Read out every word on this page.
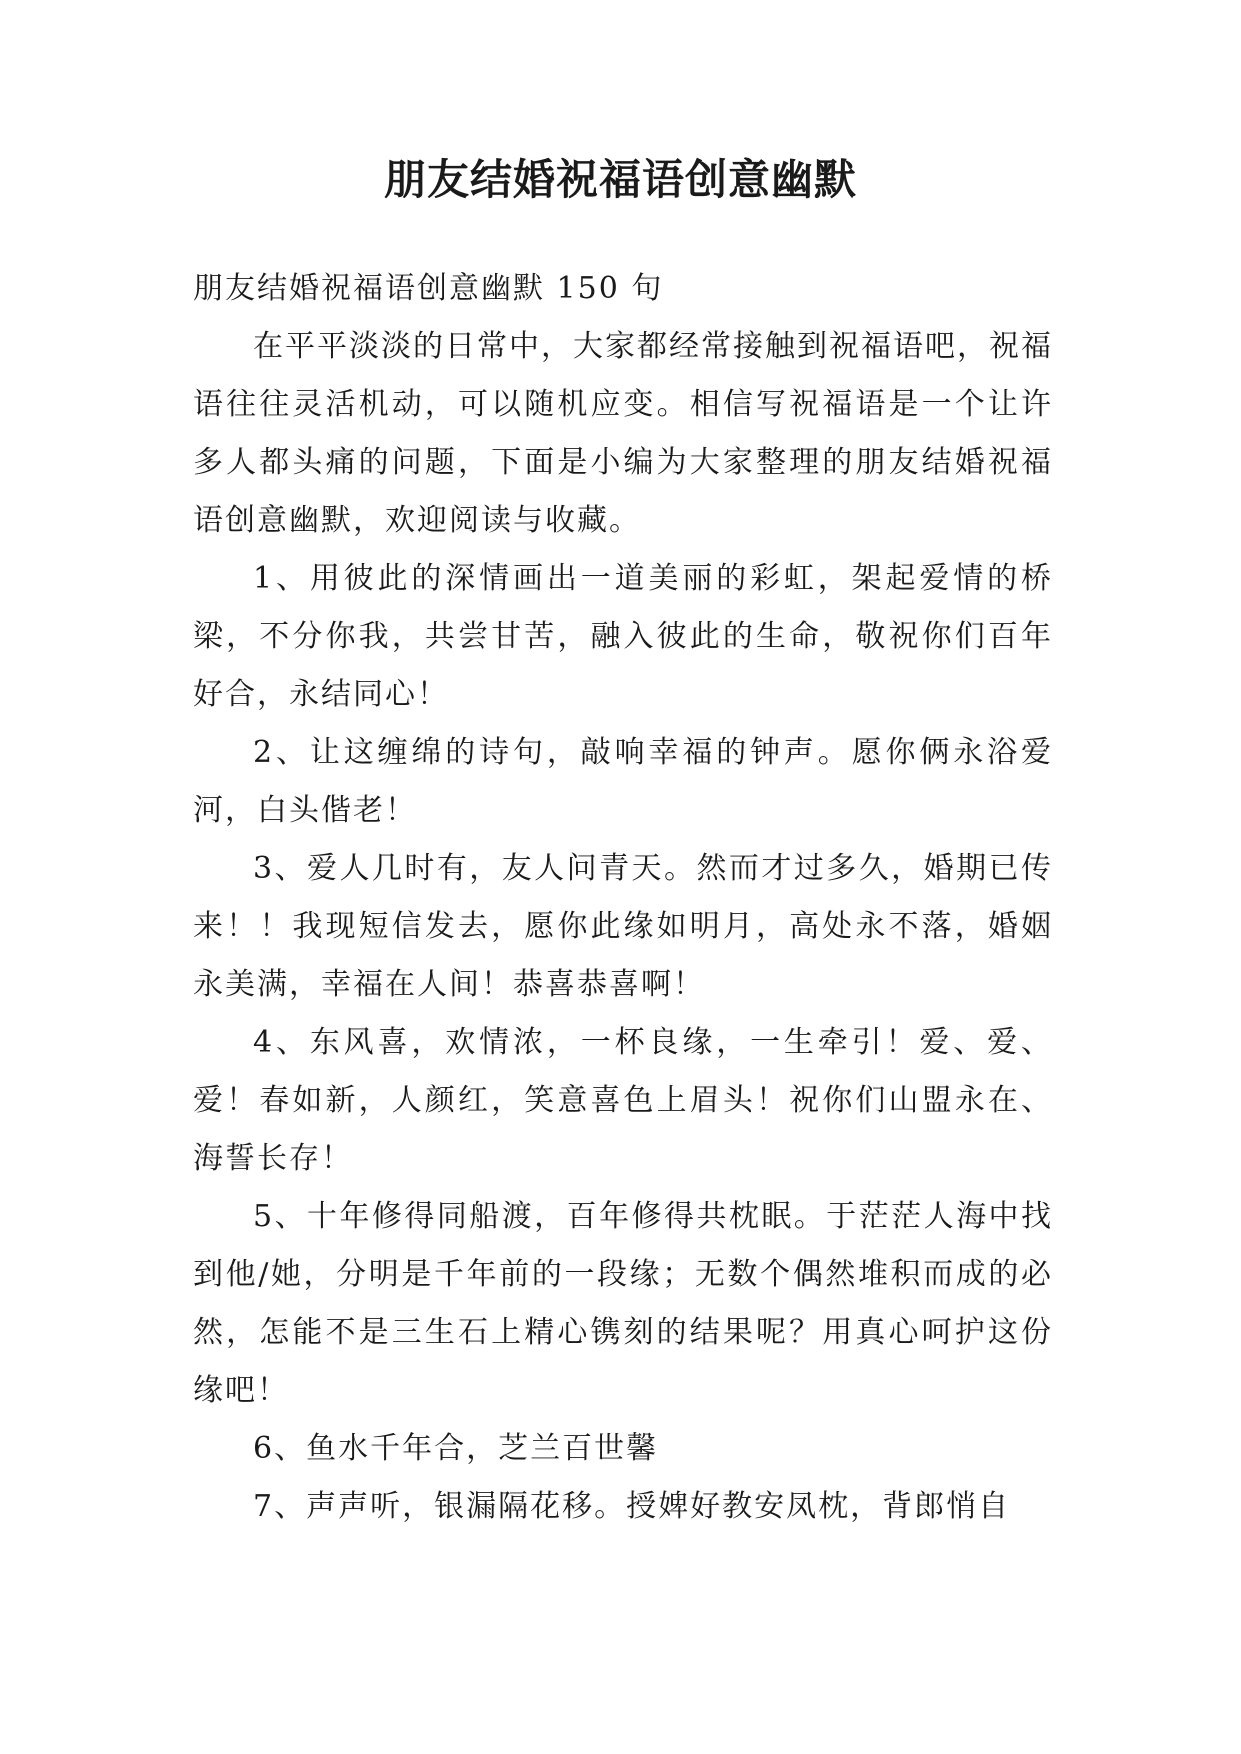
朋友结婚祝福语创意幽默

朋友结婚祝福语创意幽默 150 句

在平平淡淡的日常中，大家都经常接触到祝福语吧，祝福语往往灵活机动，可以随机应变。相信写祝福语是一个让许多人都头痛的问题，下面是小编为大家整理的朋友结婚祝福语创意幽默，欢迎阅读与收藏。

1、用彼此的深情画出一道美丽的彩虹，架起爱情的桥梁，不分你我，共尝甘苦，融入彼此的生命，敬祝你们百年好合，永结同心！

2、让这缠绵的诗句，敲响幸福的钟声。愿你俩永浴爱河，白头偕老！

3、爱人几时有，友人问青天。然而才过多久，婚期已传来！！我现短信发去，愿你此缘如明月，高处永不落，婚姻永美满，幸福在人间！恭喜恭喜啊！

4、东风喜，欢情浓，一杯良缘，一生牵引！爱、爱、爱！春如新，人颜红，笑意喜色上眉头！祝你们山盟永在、海誓长存！

5、十年修得同船渡，百年修得共枕眠。于茫茫人海中找到他/她，分明是千年前的一段缘；无数个偶然堆积而成的必然，怎能不是三生石上精心镌刻的结果呢？用真心呵护这份缘吧！

6、鱼水千年合，芝兰百世馨

7、声声听，银漏隔花移。授婢好教安凤枕，背郎悄自
